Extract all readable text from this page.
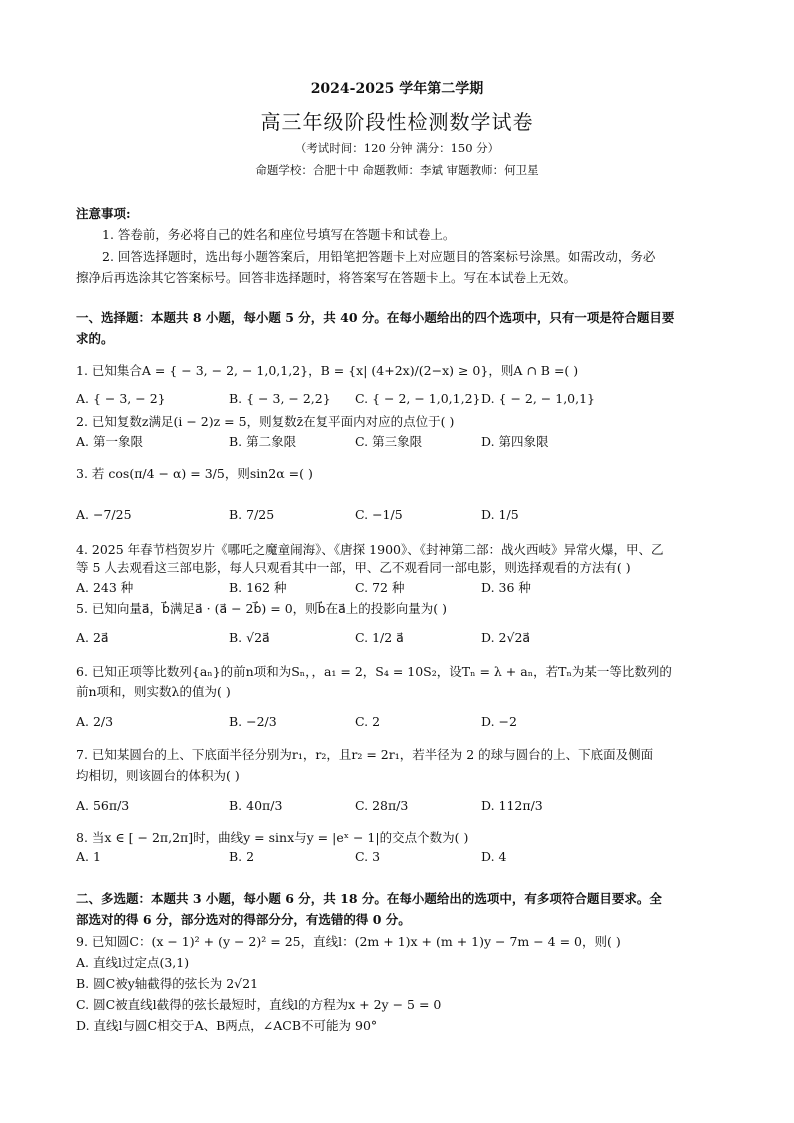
2024-2025 学年第二学期
高三年级阶段性检测数学试卷
（考试时间：120 分钟 满分：150 分）
命题学校：合肥十中 命题教师：李斌 审题教师：何卫星
注意事项:
1. 答卷前，务必将自己的姓名和座位号填写在答题卡和试卷上。
2. 回答选择题时，选出每小题答案后，用铅笔把答题卡上对应题目的答案标号涂黑。如需改动，务必
擦净后再选涂其它答案标号。回答非选择题时，将答案写在答题卡上。写在本试卷上无效。
一、选择题：本题共 8 小题，每小题 5 分，共 40 分。在每小题给出的四个选项中，只有一项是符合题目要
求的。
1. 已知集合A = { − 3, − 2, − 1,0,1,2}，B = {x| (4+2x)/(2−x) ≥ 0}，则A ∩ B =( )
A. { − 3, − 2}	B. { − 3, − 2,2} C. { − 2, − 1,0,1,2} D. { − 2, − 1,0,1}
2. 已知复数z满足(i − 2)z = 5，则复数z̄在复平面内对应的点位于( )
A. 第一象限	B. 第二象限	C. 第三象限	D. 第四象限
3. 若 cos(π/4 − α) = 3/5，则sin2α =( )
A. −7/25	B. 7/25	C. −1/5	D. 1/5
4. 2025 年春节档贺岁片《哪吒之魔童闹海》、《唐探 1900》、《封神第二部：战火西岐》异常火爆，甲、乙
等 5 人去观看这三部电影，每人只观看其中一部，甲、乙不观看同一部电影，则选择观看的方法有( )
A. 243 种	B. 162 种	C. 72 种	D. 36 种
5. 已知向量a⃗，b⃗满足a⃗ · (a⃗ − 2b⃗) = 0，则b⃗在a⃗上的投影向量为( )
A. 2a⃗	B. √2a⃗	C. 1/2 a⃗	D. 2√2a⃗
6. 已知正项等比数列{aₙ}的前n项和为Sₙ，，a₁ = 2，S₄ = 10S₂，设Tₙ = λ + aₙ，若Tₙ为某一等比数列的
前n项和，则实数λ的值为( )
A. 2/3	B. −2/3	C. 2	D. −2
7. 已知某圆台的上、下底面半径分别为r₁，r₂，且r₂ = 2r₁，若半径为 2 的球与圆台的上、下底面及侧面
均相切，则该圆台的体积为( )
A. 56π/3	B. 40π/3	C. 28π/3	D. 112π/3
8. 当x ∈ [ − 2π,2π]时，曲线y = sinx与y = |eˣ − 1|的交点个数为( )
A. 1	B. 2	C. 3	D. 4
二、多选题：本题共 3 小题，每小题 6 分，共 18 分。在每小题给出的选项中，有多项符合题目要求。全
部选对的得 6 分，部分选对的得部分分，有选错的得 0 分。
9. 已知圆C：(x − 1)² + (y − 2)² = 25，直线l：(2m + 1)x + (m + 1)y − 7m − 4 = 0，则( )
A. 直线l过定点(3,1)
B. 圆C被y轴截得的弦长为 2√21
C. 圆C被直线l截得的弦长最短时，直线l的方程为x + 2y − 5 = 0
D. 直线l与圆C相交于A、B两点，∠ACB不可能为 90°
